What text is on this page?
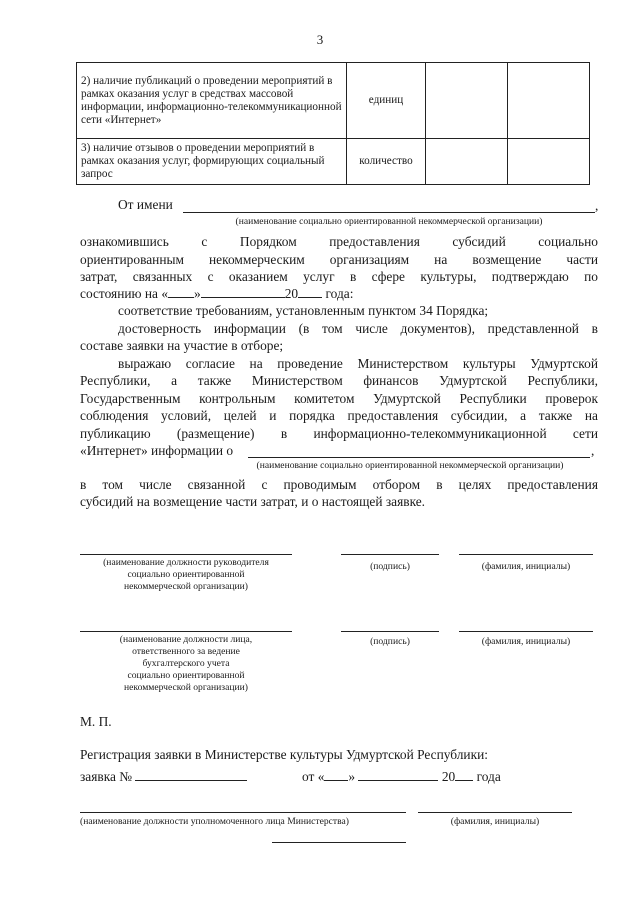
3
2) наличие публикаций о проведении мероприятий в рамках оказания услуг в средствах массовой информации, информационно-телекоммуникационной сети «Интернет»	единиц		
3) наличие отзывов о проведении мероприятий в рамках оказания услуг, формирующих социальный запрос	количество		
От имени	,
(наименование социально ориентированной некоммерческой организации)
ознакомившись с Порядком предоставления субсидий социально
ориентированным некоммерческим организациям на возмещение части
затрат, связанных с оказанием услуг в сфере культуры, подтверждаю по
состоянию на « »	20 года:
соответствие требованиям, установленным пунктом 34 Порядка;
достоверность информации (в том числе документов), представленной в
составе заявки на участие в отборе;
выражаю согласие на проведение Министерством культуры Удмуртской
Республики, а также Министерством финансов Удмуртской Республики,
Государственным контрольным комитетом Удмуртской Республики проверок
соблюдения условий, целей и порядка предоставления субсидии, а также на
публикацию (размещение) в информационно-телекоммуникационной сети
«Интернет» информации о	,
(наименование социально ориентированной некоммерческой организации)
в том числе связанной с проводимым отбором в целях предоставления
субсидий на возмещение части затрат, и о настоящей заявке.
(наименование должности руководителя
социально ориентированной
некоммерческой организации)
(подпись)	(фамилия, инициалы)
(наименование должности лица,
ответственного за ведение
бухгалтерского учета
социально ориентированной
некоммерческой организации)
(подпись)	(фамилия, инициалы)
М. П.
Регистрация заявки в Министерстве культуры Удмуртской Республики:
заявка №	от « »	20 года
(наименование должности уполномоченного лица Министерства)	(фамилия, инициалы)
